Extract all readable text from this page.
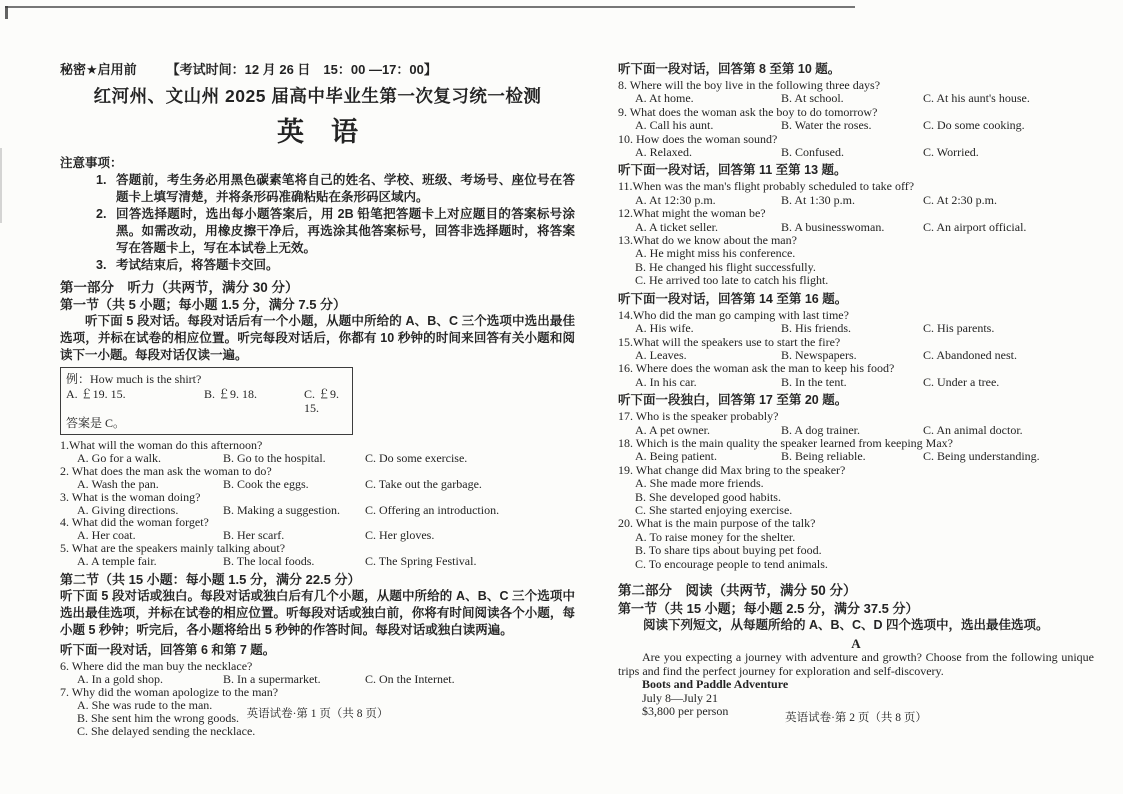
秘密★启用前 【考试时间：12 月 26 日　15：00 —17：00】
红河州、文山州 2025 届高中毕业生第一次复习统一检测
英　语
注意事项：
1. 答题前，考生务必用黑色碳素笔将自己的姓名、学校、班级、考场号、座位号在答题卡上填写清楚，并将条形码准确粘贴在条形码区域内。
2. 回答选择题时，选出每小题答案后，用 2B 铅笔把答题卡上对应题目的答案标号涂黑。如需改动，用橡皮擦干净后，再选涂其他答案标号，回答非选择题时，将答案写在答题卡上，写在本试卷上无效。
3. 考试结束后，将答题卡交回。
第一部分　听力（共两节，满分 30 分）
第一节（共 5 小题；每小题 1.5 分，满分 7.5 分）
听下面 5 段对话。每段对话后有一个小题，从题中所给的 A、B、C 三个选项中选出最佳选项，并标在试卷的相应位置。听完每段对话后，你都有 10 秒钟的时间来回答有关小题和阅读下一小题。每段对话仅读一遍。
例：How much is the shirt?
A. ￡19. 15.	B. ￡9. 18.	C. ￡9. 15.
答案是 C。
1.What will the woman do this afternoon?
A. Go for a walk.	B. Go to the hospital.	C. Do some exercise.
2. What does the man ask the woman to do?
A. Wash the pan.	B. Cook the eggs.	C. Take out the garbage.
3. What is the woman doing?
A. Giving directions.	B. Making a suggestion.	C. Offering an introduction.
4. What did the woman forget?
A. Her coat.	B. Her scarf.	C. Her gloves.
5. What are the speakers mainly talking about?
A. A temple fair.	B. The local foods.	C. The Spring Festival.
第二节（共 15 小题：每小题 1.5 分，满分 22.5 分）
听下面 5 段对话或独白。每段对话或独白后有几个小题，从题中所给的 A、B、C 三个选项中选出最佳选项，并标在试卷的相应位置。听每段对话或独白前，你将有时间阅读各个小题，每小题 5 秒钟；听完后，各小题将给出 5 秒钟的作答时间。每段对话或独白读两遍。
听下面一段对话，回答第 6 和第 7 题。
6. Where did the man buy the necklace?
A. In a gold shop.	B. In a supermarket.	C. On the Internet.
7. Why did the woman apologize to the man?
A. She was rude to the man.
B. She sent him the wrong goods.
C. She delayed sending the necklace.
英语试卷·第 1 页（共 8 页）
听下面一段对话，回答第 8 至第 10 题。
8. Where will the boy live in the following three days?
A. At home.	B. At school.	C. At his aunt's house.
9. What does the woman ask the boy to do tomorrow?
A. Call his aunt.	B. Water the roses.	C. Do some cooking.
10. How does the woman sound?
A. Relaxed.	B. Confused.	C. Worried.
听下面一段对话，回答第 11 至第 13 题。
11.When was the man's flight probably scheduled to take off?
A. At 12:30 p.m.	B. At 1:30 p.m.	C. At 2:30 p.m.
12.What might the woman be?
A. A ticket seller.	B. A businesswoman.	C. An airport official.
13.What do we know about the man?
A. He might miss his conference.
B. He changed his flight successfully.
C. He arrived too late to catch his flight.
听下面一段对话，回答第 14 至第 16 题。
14.Who did the man go camping with last time?
A. His wife.	B. His friends.	C. His parents.
15.What will the speakers use to start the fire?
A. Leaves.	B. Newspapers.	C. Abandoned nest.
16. Where does the woman ask the man to keep his food?
A. In his car.	B. In the tent.	C. Under a tree.
听下面一段独白，回答第 17 至第 20 题。
17. Who is the speaker probably?
A. A pet owner.	B. A dog trainer.	C. An animal doctor.
18. Which is the main quality the speaker learned from keeping Max?
A. Being patient.	B. Being reliable.	C. Being understanding.
19. What change did Max bring to the speaker?
A. She made more friends.
B. She developed good habits.
C. She started enjoying exercise.
20. What is the main purpose of the talk?
A. To raise money for the shelter.
B. To share tips about buying pet food.
C. To encourage people to tend animals.
第二部分　阅读（共两节，满分 50 分）
第一节（共 15 小题；每小题 2.5 分，满分 37.5 分）
阅读下列短文，从每题所给的 A、B、C、D 四个选项中，选出最佳选项。
A
Are you expecting a journey with adventure and growth? Choose from the following unique trips and find the perfect journey for exploration and self-discovery.
Boots and Paddle Adventure
July 8—July 21
$3,800 per person	英语试卷·第 2 页（共 8 页）
